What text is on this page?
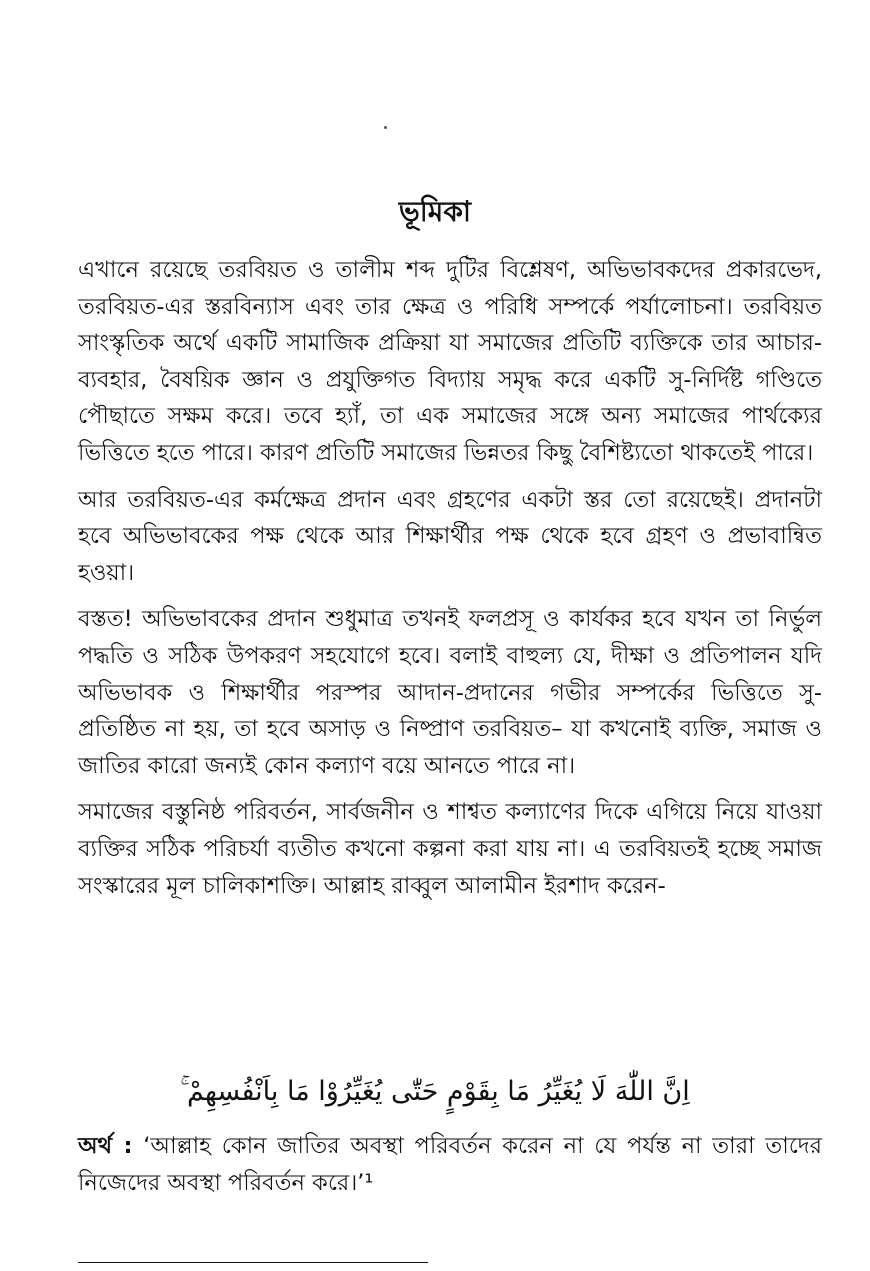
ভূমিকা

এখানে রয়েছে তরবিয়ত ও তালীম শব্দ দুটির বিশ্লেষণ, অভিভাবকদের প্রকারভেদ, তরবিয়ত-এর স্তরবিন্যাস এবং তার ক্ষেত্র ও পরিধি সম্পর্কে পর্যালোচনা। তরবিয়ত সাংস্কৃতিক অর্থে একটি সামাজিক প্রক্রিয়া যা সমাজের প্রতিটি ব্যক্তিকে তার আচার-ব্যবহার, বৈষয়িক জ্ঞান ও প্রযুক্তিগত বিদ্যায় সমৃদ্ধ করে একটি সু-নির্দিষ্ট গণ্ডিতে পৌছাতে সক্ষম করে। তবে হ্যাঁ, তা এক সমাজের সঙ্গে অন্য সমাজের পার্থক্যের ভিত্তিতে হতে পারে। কারণ প্রতিটি সমাজের ভিন্নতর কিছু বৈশিষ্ট্যতো থাকতেই পারে।

আর তরবিয়ত-এর কর্মক্ষেত্র প্রদান এবং গ্রহণের একটা স্তর তো রয়েছেই। প্রদানটা হবে অভিভাবকের পক্ষ থেকে আর শিক্ষার্থীর পক্ষ থেকে হবে গ্রহণ ও প্রভাবান্বিত হওয়া।

বস্তত! অভিভাবকের প্রদান শুধুমাত্র তখনই ফলপ্রসূ ও কার্যকর হবে যখন তা নির্ভুল পদ্ধতি ও সঠিক উপকরণ সহযোগে হবে। বলাই বাহুল্য যে, দীক্ষা ও প্রতিপালন যদি অভিভাবক ও শিক্ষার্থীর পরস্পর আদান-প্রদানের গভীর সম্পর্কের ভিত্তিতে সু-প্রতিষ্ঠিত না হয়, তা হবে অসাড় ও নিষ্প্রাণ তরবিয়ত– যা কখনোই ব্যক্তি, সমাজ ও জাতির কারো জন্যই কোন কল্যাণ বয়ে আনতে পারে না।

সমাজের বস্তুনিষ্ঠ পরিবর্তন, সার্বজনীন ও শাশ্বত কল্যাণের দিকে এগিয়ে নিয়ে যাওয়া ব্যক্তির সঠিক পরিচর্যা ব্যতীত কখনো কল্পনা করা যায় না। এ তরবিয়তই হচ্ছে সমাজ সংস্কারের মূল চালিকাশক্তি। আল্লাহ রাব্বুল আলামীন ইরশাদ করেন-

اِنَّ اللّٰهَ لَا يُغَيِّرُ مَا بِقَوْمٍ حَتّٰى يُغَيِّرُوْا مَا بِاَنْفُسِهِمْ ۚ
অর্থ : ‘আল্লাহ কোন জাতির অবস্থা পরিবর্তন করেন না যে পর্যন্ত না তারা তাদের নিজেদের অবস্থা পরিবর্তন করে।’¹
